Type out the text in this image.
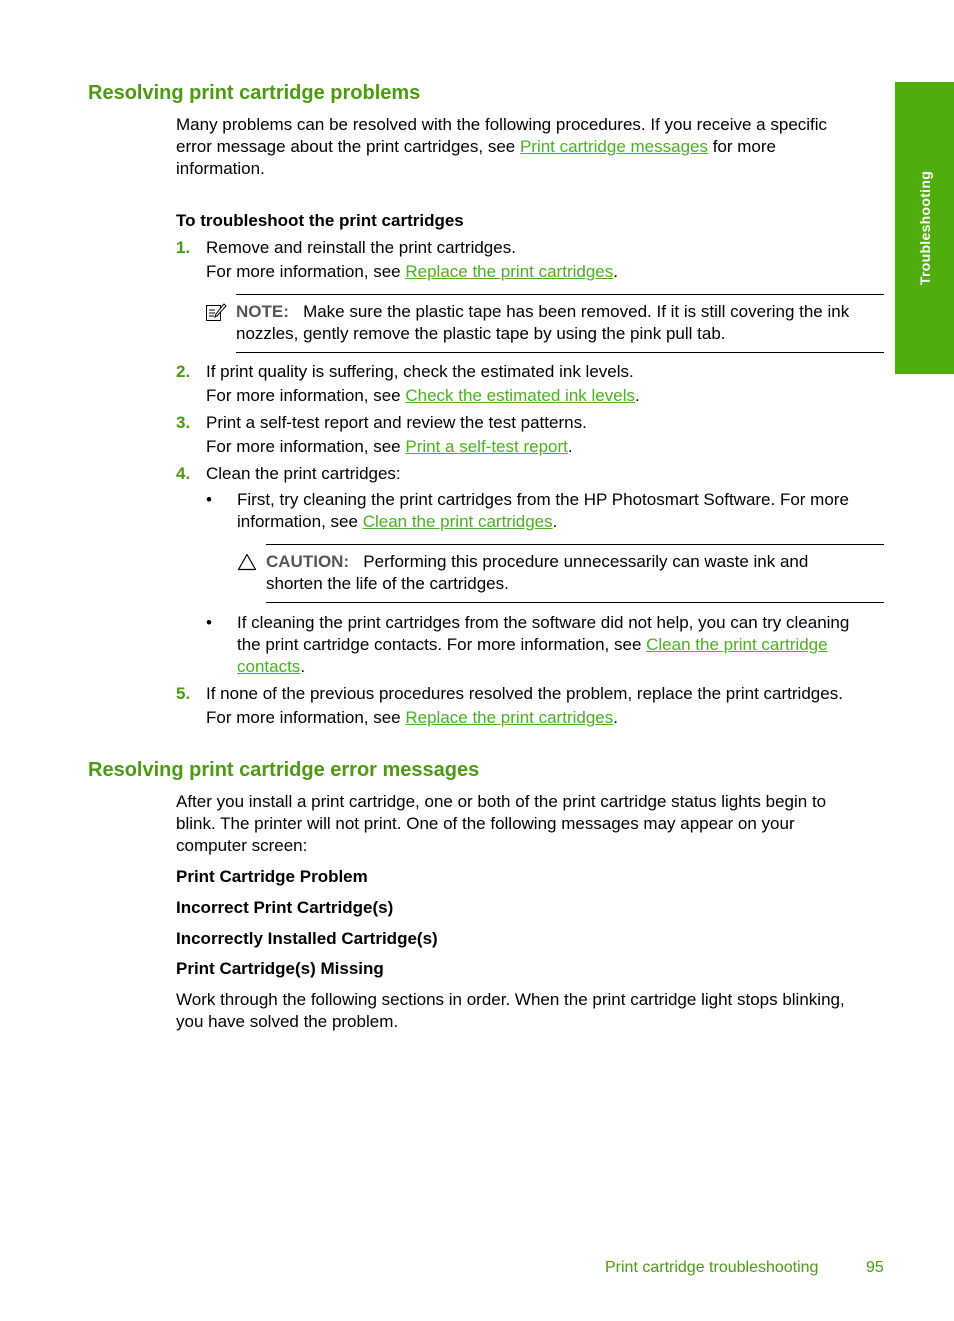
Troubleshooting
Resolving print cartridge problems
Many problems can be resolved with the following procedures. If you receive a specific
error message about the print cartridges, see Print cartridge messages for more
information.
To troubleshoot the print cartridges
1. Remove and reinstall the print cartridges.
For more information, see Replace the print cartridges.
NOTE: Make sure the plastic tape has been removed. If it is still covering the ink
nozzles, gently remove the plastic tape by using the pink pull tab.
2. If print quality is suffering, check the estimated ink levels.
For more information, see Check the estimated ink levels.
3. Print a self-test report and review the test patterns.
For more information, see Print a self-test report.
4. Clean the print cartridges:
• First, try cleaning the print cartridges from the HP Photosmart Software. For more
information, see Clean the print cartridges.
CAUTION: Performing this procedure unnecessarily can waste ink and
shorten the life of the cartridges.
• If cleaning the print cartridges from the software did not help, you can try cleaning
the print cartridge contacts. For more information, see Clean the print cartridge
contacts.
5. If none of the previous procedures resolved the problem, replace the print cartridges.
For more information, see Replace the print cartridges.
Resolving print cartridge error messages
After you install a print cartridge, one or both of the print cartridge status lights begin to
blink. The printer will not print. One of the following messages may appear on your
computer screen:
Print Cartridge Problem
Incorrect Print Cartridge(s)
Incorrectly Installed Cartridge(s)
Print Cartridge(s) Missing
Work through the following sections in order. When the print cartridge light stops blinking,
you have solved the problem.
Print cartridge troubleshooting	95
